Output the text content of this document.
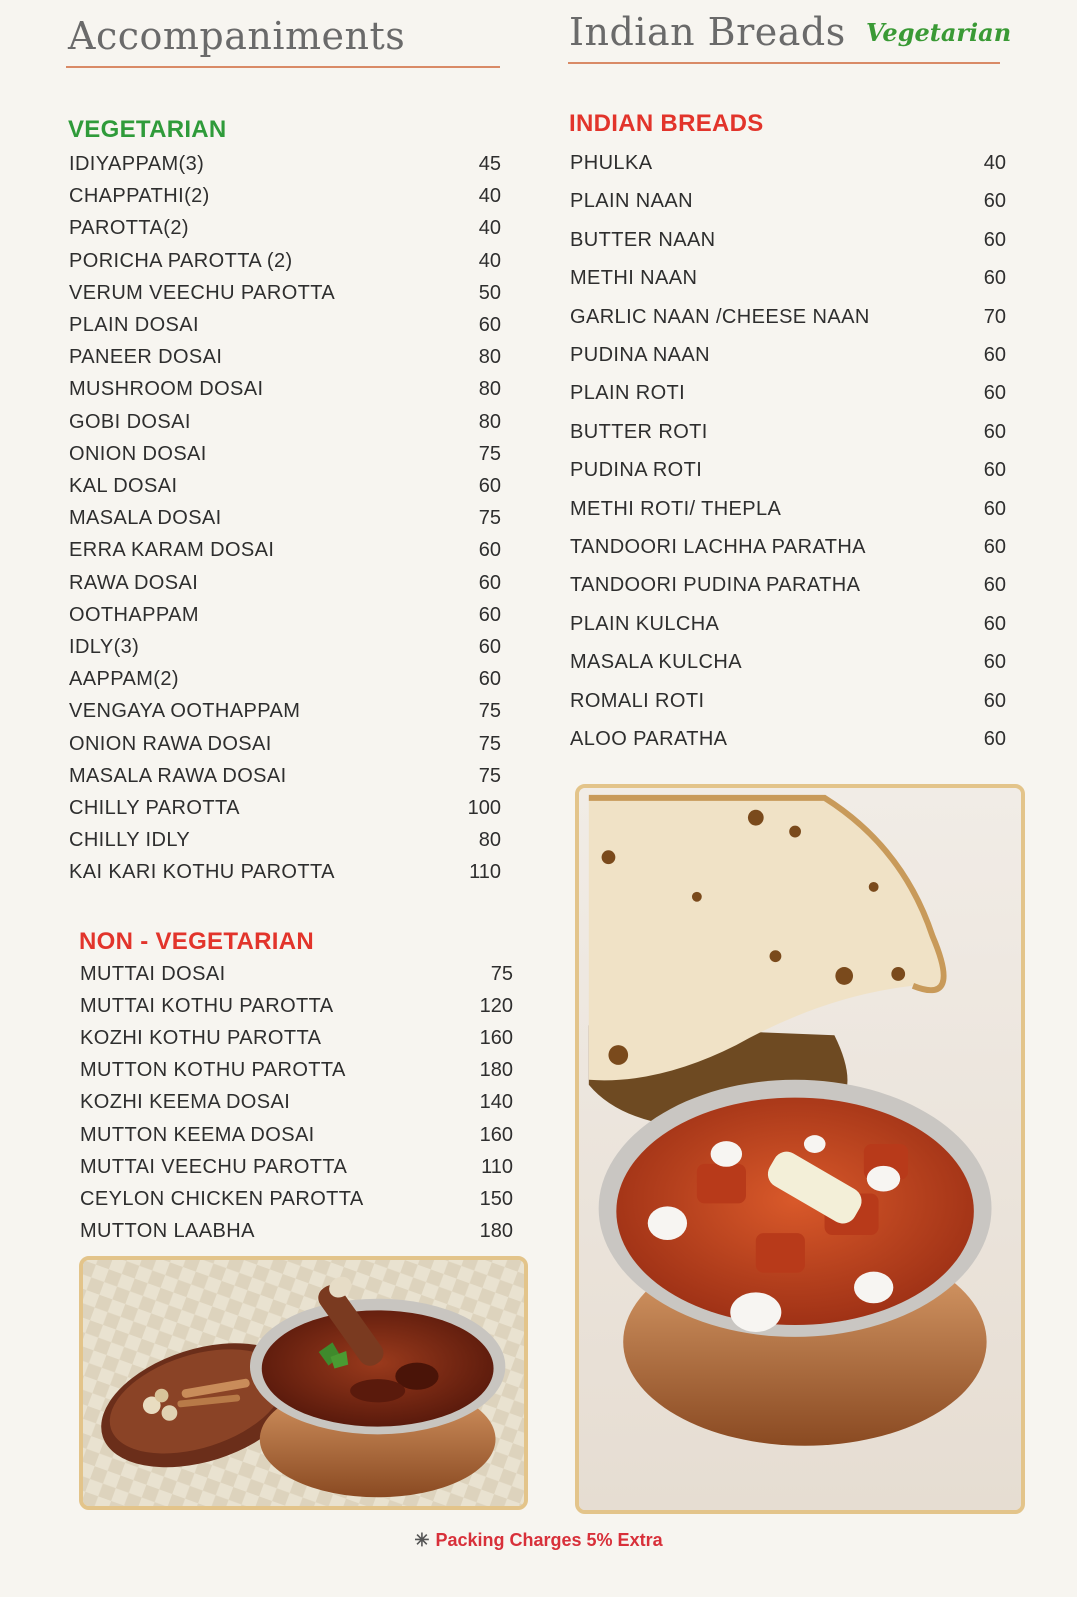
Accompaniments
VEGETARIAN
IDIYAPPAM(3)	45
CHAPPATHI(2)	40
PAROTTA(2)	40
PORICHA PAROTTA (2)	40
VERUM VEECHU PAROTTA	50
PLAIN DOSAI	60
PANEER DOSAI	80
MUSHROOM DOSAI	80
GOBI DOSAI	80
ONION DOSAI	75
KAL DOSAI	60
MASALA DOSAI	75
ERRA KARAM DOSAI	60
RAWA DOSAI	60
OOTHAPPAM	60
IDLY(3)	60
AAPPAM(2)	60
VENGAYA OOTHAPPAM	75
ONION RAWA DOSAI	75
MASALA RAWA DOSAI	75
CHILLY PAROTTA	100
CHILLY IDLY	80
KAI KARI KOTHU PAROTTA	110
NON - VEGETARIAN
MUTTAI DOSAI	75
MUTTAI KOTHU PAROTTA	120
KOZHI KOTHU PAROTTA	160
MUTTON KOTHU PAROTTA	180
KOZHI KEEMA DOSAI	140
MUTTON KEEMA DOSAI	160
MUTTAI VEECHU PAROTTA	110
CEYLON CHICKEN PAROTTA	150
MUTTON LAABHA	180
Indian Breads Vegetarian
INDIAN BREADS
PHULKA	40
PLAIN NAAN	60
BUTTER NAAN	60
METHI NAAN	60
GARLIC NAAN /CHEESE NAAN	70
PUDINA NAAN	60
PLAIN ROTI	60
BUTTER ROTI	60
PUDINA ROTI	60
METHI ROTI/ THEPLA	60
TANDOORI LACHHA PARATHA	60
TANDOORI PUDINA PARATHA	60
PLAIN KULCHA	60
MASALA KULCHA	60
ROMALI ROTI	60
ALOO PARATHA	60
✳ Packing Charges 5% Extra
